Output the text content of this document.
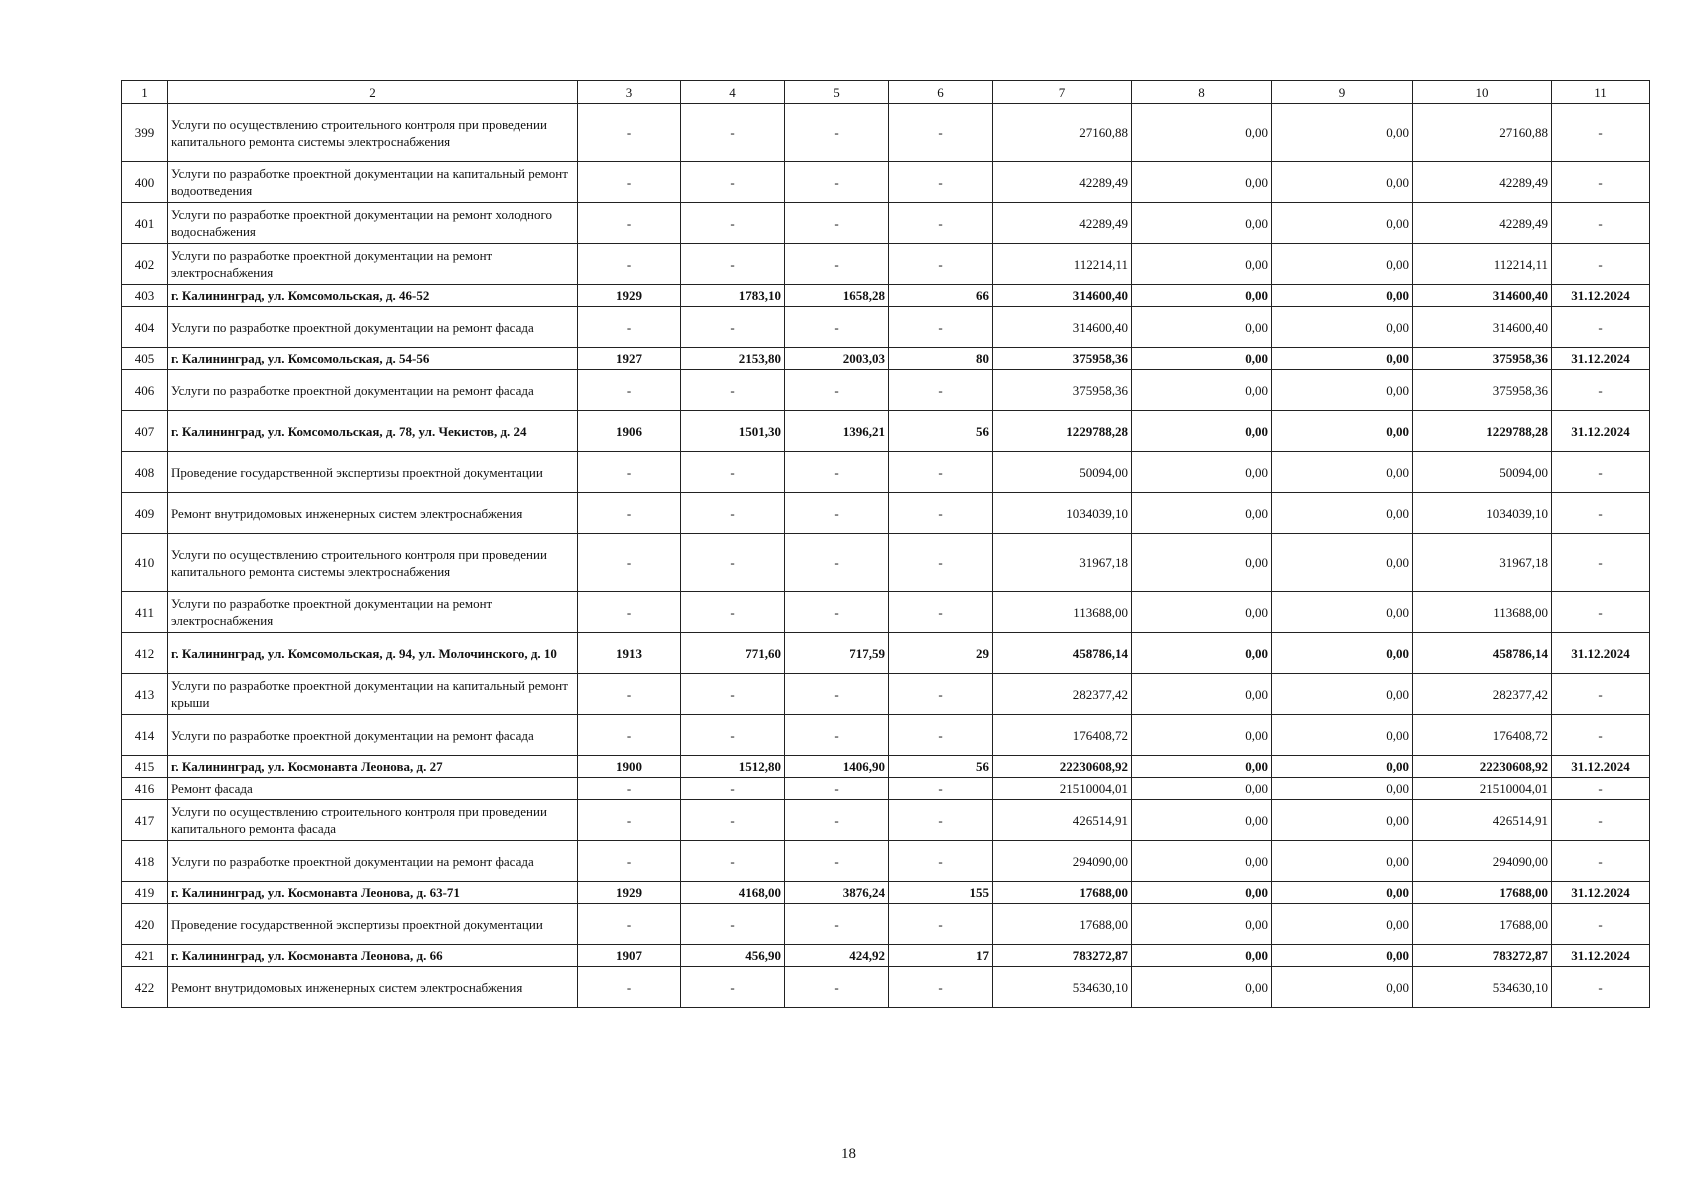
1	2	3	4	5	6	7	8	9	10	11
399	Услуги по осуществлению строительного контроля при проведении капитального ремонта системы электроснабжения	-	-	-	-	27160,88	0,00	0,00	27160,88	-
400	Услуги по разработке проектной документации на капитальный ремонт водоотведения	-	-	-	-	42289,49	0,00	0,00	42289,49	-
401	Услуги по разработке проектной документации на ремонт холодного водоснабжения	-	-	-	-	42289,49	0,00	0,00	42289,49	-
402	Услуги по разработке проектной документации на ремонт электроснабжения	-	-	-	-	112214,11	0,00	0,00	112214,11	-
403	г. Калининград, ул. Комсомольская, д. 46-52	1929	1783,10	1658,28	66	314600,40	0,00	0,00	314600,40	31.12.2024
404	Услуги по разработке проектной документации на ремонт фасада	-	-	-	-	314600,40	0,00	0,00	314600,40	-
405	г. Калининград, ул. Комсомольская, д. 54-56	1927	2153,80	2003,03	80	375958,36	0,00	0,00	375958,36	31.12.2024
406	Услуги по разработке проектной документации на ремонт фасада	-	-	-	-	375958,36	0,00	0,00	375958,36	-
407	г. Калининград, ул. Комсомольская, д. 78, ул. Чекистов, д. 24	1906	1501,30	1396,21	56	1229788,28	0,00	0,00	1229788,28	31.12.2024
408	Проведение государственной экспертизы проектной документации	-	-	-	-	50094,00	0,00	0,00	50094,00	-
409	Ремонт внутридомовых инженерных систем электроснабжения	-	-	-	-	1034039,10	0,00	0,00	1034039,10	-
410	Услуги по осуществлению строительного контроля при проведении капитального ремонта системы электроснабжения	-	-	-	-	31967,18	0,00	0,00	31967,18	-
411	Услуги по разработке проектной документации на ремонт электроснабжения	-	-	-	-	113688,00	0,00	0,00	113688,00	-
412	г. Калининград, ул. Комсомольская, д. 94, ул. Молочинского, д. 10	1913	771,60	717,59	29	458786,14	0,00	0,00	458786,14	31.12.2024
413	Услуги по разработке проектной документации на капитальный ремонт крыши	-	-	-	-	282377,42	0,00	0,00	282377,42	-
414	Услуги по разработке проектной документации на ремонт фасада	-	-	-	-	176408,72	0,00	0,00	176408,72	-
415	г. Калининград, ул. Космонавта Леонова, д. 27	1900	1512,80	1406,90	56	22230608,92	0,00	0,00	22230608,92	31.12.2024
416	Ремонт фасада	-	-	-	-	21510004,01	0,00	0,00	21510004,01	-
417	Услуги по осуществлению строительного контроля при проведении капитального ремонта фасада	-	-	-	-	426514,91	0,00	0,00	426514,91	-
418	Услуги по разработке проектной документации на ремонт фасада	-	-	-	-	294090,00	0,00	0,00	294090,00	-
419	г. Калининград, ул. Космонавта Леонова, д. 63-71	1929	4168,00	3876,24	155	17688,00	0,00	0,00	17688,00	31.12.2024
420	Проведение государственной экспертизы проектной документации	-	-	-	-	17688,00	0,00	0,00	17688,00	-
421	г. Калининград, ул. Космонавта Леонова, д. 66	1907	456,90	424,92	17	783272,87	0,00	0,00	783272,87	31.12.2024
422	Ремонт внутридомовых инженерных систем электроснабжения	-	-	-	-	534630,10	0,00	0,00	534630,10	-
18
